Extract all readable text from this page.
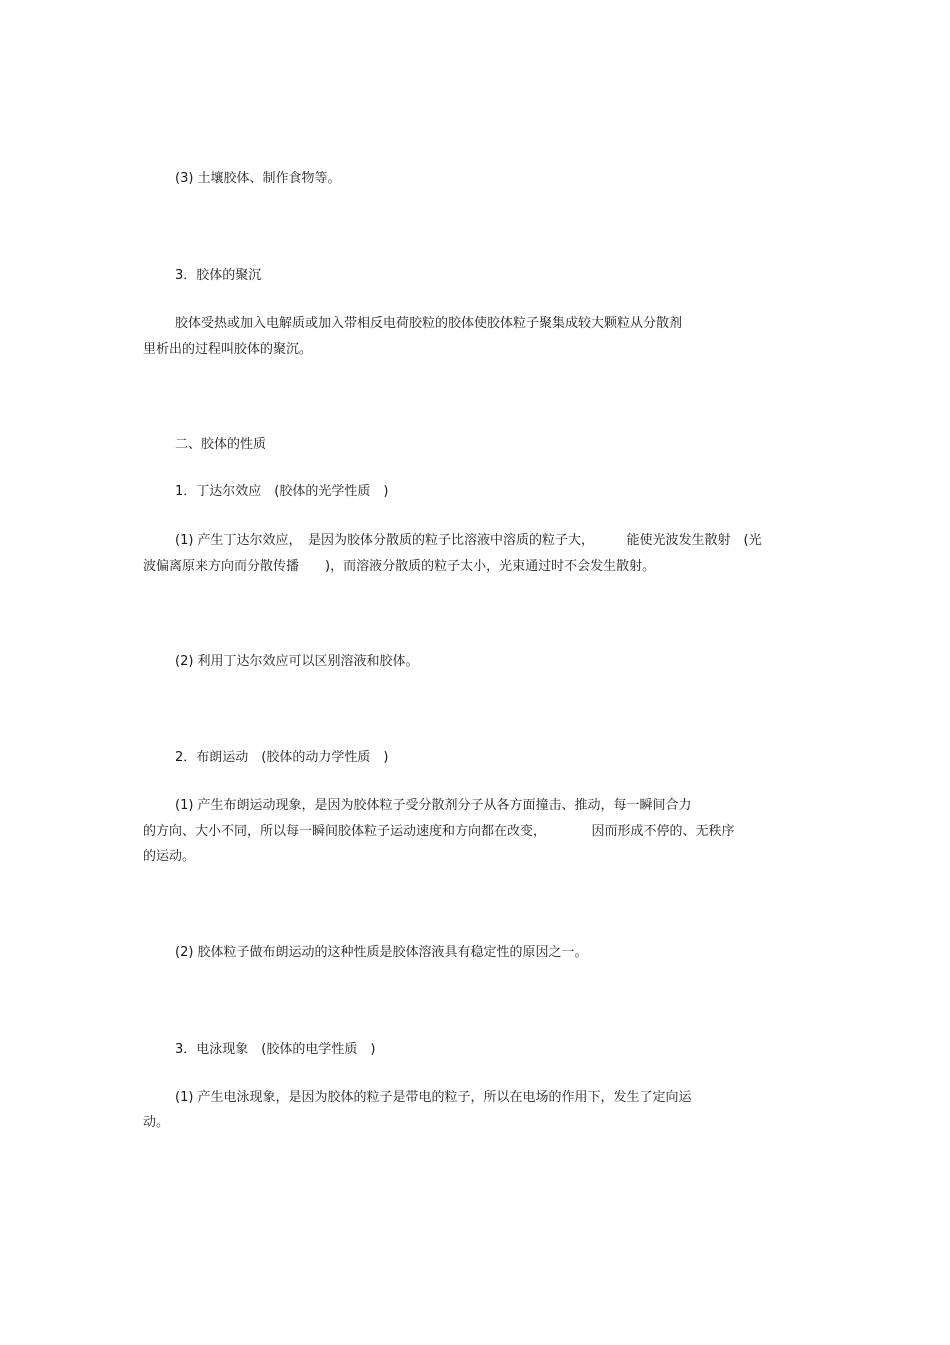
(3) 土壤胶体、制作食物等。

3．胶体的聚沉

胶体受热或加入电解质或加入带相反电荷胶粒的胶体使胶体粒子聚集成较大颗粒从分散剂

里析出的过程叫胶体的聚沉。

二、胶体的性质

1．丁达尔效应　(胶体的光学性质　)

(1) 产生丁达尔效应，　是因为胶体分散质的粒子比溶液中溶质的粒子大，　　　能使光波发生散射　(光

波偏离原来方向而分散传播　　)，而溶液分散质的粒子太小，光束通过时不会发生散射。

(2) 利用丁达尔效应可以区别溶液和胶体。

2．布朗运动　(胶体的动力学性质　)

(1) 产生布朗运动现象，是因为胶体粒子受分散剂分子从各方面撞击、推动，每一瞬间合力

的方向、大小不同，所以每一瞬间胶体粒子运动速度和方向都在改变，　　　　因而形成不停的、无秩序

的运动。

(2) 胶体粒子做布朗运动的这种性质是胶体溶液具有稳定性的原因之一。

3．电泳现象　(胶体的电学性质　)

(1) 产生电泳现象，是因为胶体的粒子是带电的粒子，所以在电场的作用下，发生了定向运

动。
